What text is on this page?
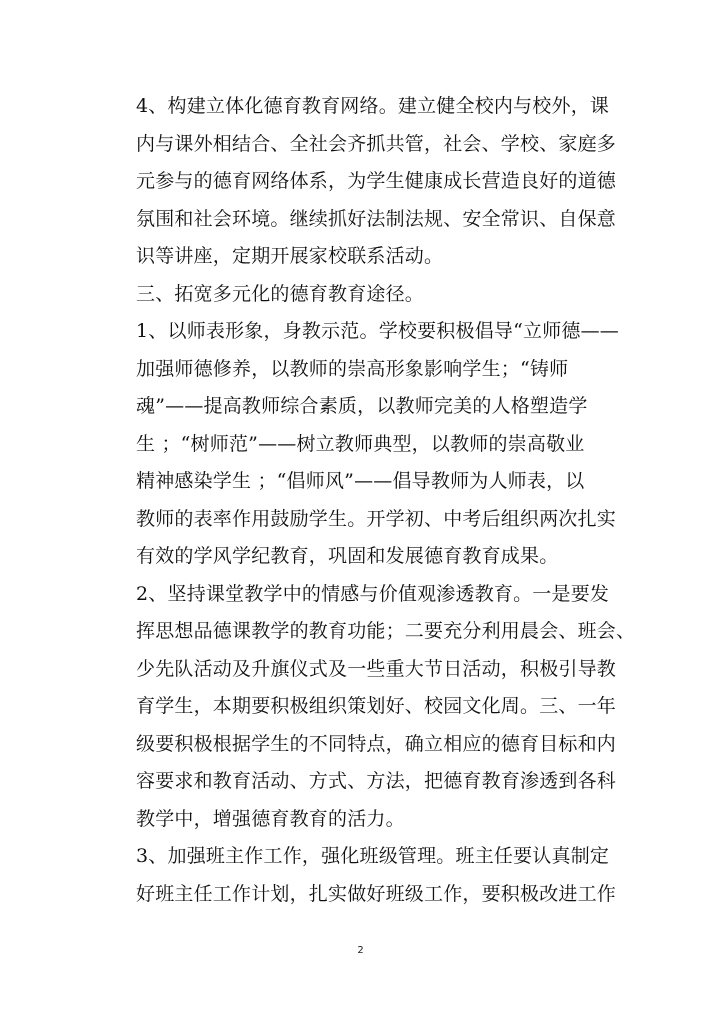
4、构建立体化德育教育网络。建立健全校内与校外，课
内与课外相结合、全社会齐抓共管，社会、学校、家庭多
元参与的德育网络体系，为学生健康成长营造良好的道德
氛围和社会环境。继续抓好法制法规、安全常识、自保意
识等讲座，定期开展家校联系活动。
三、拓宽多元化的德育教育途径。
1、以师表形象，身教示范。学校要积极倡导“立师德——
加强师德修养，以教师的崇高形象影响学生；“铸师
魂”——提高教师综合素质，以教师完美的人格塑造学
生 ；“树师范”——树立教师典型，以教师的崇高敬业
精神感染学生 ；“倡师风”——倡导教师为人师表，以
教师的表率作用鼓励学生。开学初、中考后组织两次扎实
有效的学风学纪教育，巩固和发展德育教育成果。
2、坚持课堂教学中的情感与价值观渗透教育。一是要发
挥思想品德课教学的教育功能；二要充分利用晨会、班会、
少先队活动及升旗仪式及一些重大节日活动，积极引导教
育学生，本期要积极组织策划好、校园文化周。三、一年
级要积极根据学生的不同特点，确立相应的德育目标和内
容要求和教育活动、方式、方法，把德育教育渗透到各科
教学中，增强德育教育的活力。
3、加强班主作工作，强化班级管理。班主任要认真制定
好班主任工作计划，扎实做好班级工作，要积极改进工作
2
